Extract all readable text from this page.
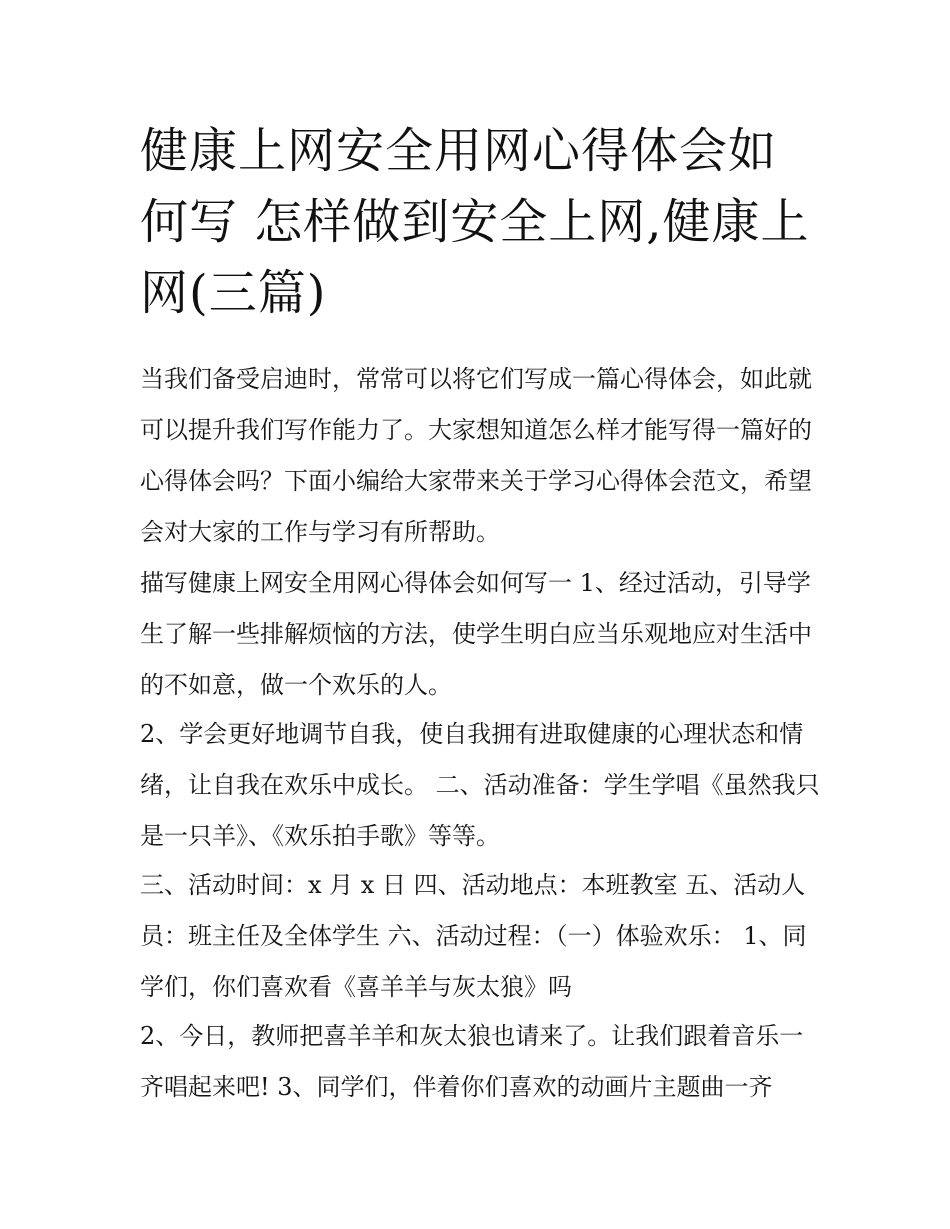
健康上网安全用网心得体会如何写 怎样做到安全上网,健康上网(三篇)

当我们备受启迪时，常常可以将它们写成一篇心得体会，如此就可以提升我们写作能力了。大家想知道怎么样才能写得一篇好的心得体会吗？下面小编给大家带来关于学习心得体会范文，希望会对大家的工作与学习有所帮助。

描写健康上网安全用网心得体会如何写一 1、经过活动，引导学生了解一些排解烦恼的方法，使学生明白应当乐观地应对生活中的不如意，做一个欢乐的人。

2、学会更好地调节自我，使自我拥有进取健康的心理状态和情绪，让自我在欢乐中成长。 二、活动准备：学生学唱《虽然我只是一只羊》、《欢乐拍手歌》等等。

三、活动时间：x 月 x 日 四、活动地点：本班教室 五、活动人员：班主任及全体学生 六、活动过程：（一）体验欢乐： 1、同学们，你们喜欢看《喜羊羊与灰太狼》吗

2、今日，教师把喜羊羊和灰太狼也请来了。让我们跟着音乐一齐唱起来吧! 3、同学们，伴着你们喜欢的动画片主题曲一齐
